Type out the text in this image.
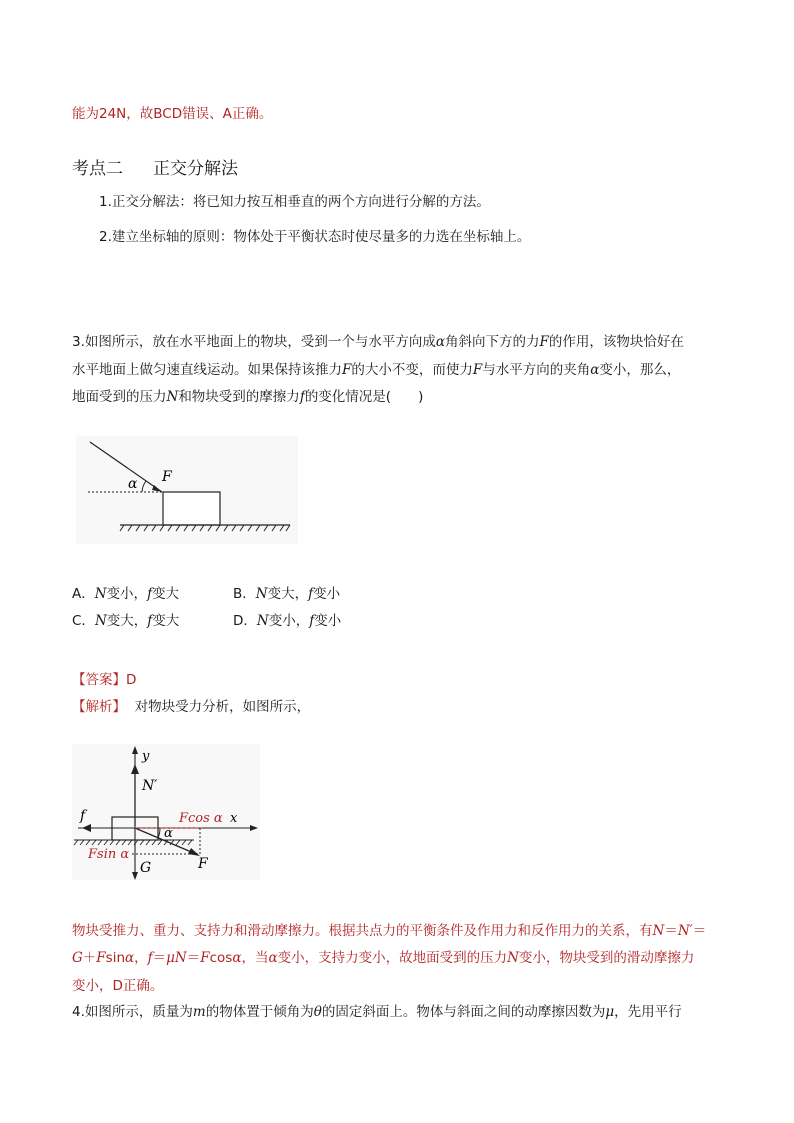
能为24N，故BCD错误、A正确。
考点二 正交分解法
1.正交分解法：将已知力按互相垂直的两个方向进行分解的方法。
2.建立坐标轴的原则：物体处于平衡状态时使尽量多的力选在坐标轴上。
3.如图所示，放在水平地面上的物块，受到一个与水平方向成α角斜向下方的力F的作用，该物块恰好在
水平地面上做匀速直线运动。如果保持该推力F的大小不变，而使力F与水平方向的夹角α变小，那么，
地面受到的压力N和物块受到的摩擦力f的变化情况是(　　)
α F
A．N变小，f变大	B．N变大，f变小
C．N变大，f变大	D．N变小，f变小
【答案】D
【解析】 对物块受力分析，如图所示，
y
N′
x
f
F
α
Fcos α
Fsin α
G
物块受推力、重力、支持力和滑动摩擦力。根据共点力的平衡条件及作用力和反作用力的关系，有N＝N′＝
G＋Fsinα，f＝μN＝Fcosα，当α变小，支持力变小，故地面受到的压力N变小，物块受到的滑动摩擦力
变小，D正确。
4.如图所示，质量为m的物体置于倾角为θ的固定斜面上。物体与斜面之间的动摩擦因数为μ，先用平行
